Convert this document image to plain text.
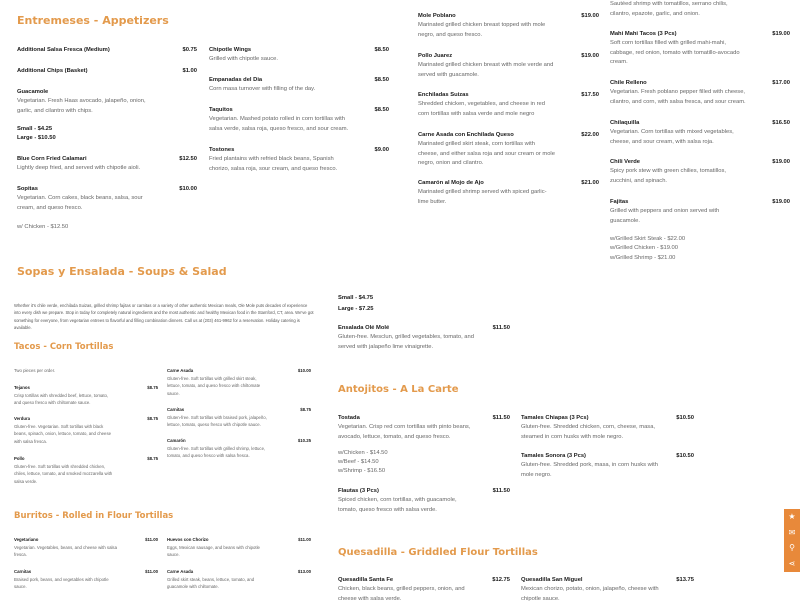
Entremeses - Appetizers
Sopas y Ensalada - Soups & Salad
Tacos - Corn Tortillas
Burritos - Rolled in Flour Tortillas
Antojitos - A La Carte
Quesadilla - Griddled Flour Tortillas
Additional Salsa Fresca (Medium)	$0.75
Additional Chips (Basket)	$1.00
Guacamole
Vegetarian. Fresh Haas avocado, jalapeño, onion,
garlic, and cilantro with chips.
Blue Corn Fried Calamari	$12.50
Lightly deep fried, and served with chipotle aioli.
Sopitas	$10.00
Vegetarian. Corn cakes, black beans, salsa, sour
cream, and queso fresco.
Chipotle Wings	$8.50
Grilled with chipotle sauce.
Empanadas del Dia	$8.50
Corn masa turnover with filling of the day.
Taquitos	$8.50
Vegetarian. Mashed potato rolled in corn tortillas with
salsa verde, salsa roja, queso fresco, and sour cream.
Tostones	$9.00
Fried plantains with refried black beans, Spanish
chorizo, salsa roja, sour cream, and queso fresco.
Mole Poblano	$19.00
Marinated grilled chicken breast topped with mole
negro, and queso fresco.
Pollo Juarez	$19.00
Marinated grilled chicken breast with mole verde and
served with guacamole.
Enchiladas Suizas	$17.50
Shredded chicken, vegetables, and cheese in red
corn tortillas with salsa verde and mole negro
Carne Asada con Enchilada Queso	$22.00
Marinated grilled skirt steak, corn tortillas with
cheese, and either salsa roja and sour cream or mole
negro, onion and cilantro.
Camarón al Mojo de Ajo	$21.00
Marinated grilled shrimp served with spiced garlic-
lime butter.
Sautéed shrimp with tomatillos, serrano chilis,
cilantro, epazote, garlic, and onion.
Mahi Mahi Tacos (3 Pcs)	$19.00
Soft corn tortillas filled with grilled mahi-mahi,
cabbage, red onion, tomato with tomatillo-avocado
cream.
Chile Relleno	$17.00
Vegetarian. Fresh poblano pepper filled with cheese,
cilantro, and corn, with salsa fresca, and sour cream.
Chilaquilla	$16.50
Vegetarian. Corn tortillas with mixed vegetables,
cheese, and sour cream, with salsa roja.
Chili Verde	$19.00
Spicy pork stew with green chilies, tomatillos,
zucchini, and spinach.
Fajitas	$19.00
Grilled with peppers and onion served with
guacamole.
Ensalada Olé Molé	$11.50
Gluten-free. Mesclun, grilled vegetables, tomato, and
served with jalapeño lime vinaigrette.
Tejanos	$8.75
Crisp tortillas with shredded beef, lettuce, tomato,
and queso fresco with chiltomate sauce.
Verdura	$8.75
Gluten-free. Vegetarian. Soft tortillas with black
beans, spinach, onion, lettuce, tomato, and cheese
with salsa fresca.
Pollo	$8.75
Gluten-free. Soft tortillas with shredded chicken,
chiles, lettuce, tomato, and smoked mozzarella with
salsa verde.
Carne Asada	$10.00
Gluten-free. Soft tortillas with grilled skirt steak,
lettuce, tomato, and queso fresco with chiltomate
sauce.
Carnitas	$8.75
Gluten-free. Soft tortillas with braised pork, jalapeño,
lettuce, tomato, queso fresco with chipotle sauce.
Camarón	$10.25
Gluten-free. Soft tortillas with grilled shrimp, lettuce,
tomato, and queso fresco with salsa fresca.
Vegetariano	$11.00
Vegetarian. Vegetables, beans, and cheese with salsa
fresca.
Carnitas	$11.00
Braised pork, beans, and vegetables with chipotle
sauce.
Huevos con Chorizo	$11.00
Eggs, Mexican sausage, and beans with chipotle
sauce.
Carne Asada	$13.00
Grilled skirt steak, beans, lettuce, tomato, and
guacamole with chiltomate.
Tostada	$11.50
Vegetarian. Crisp red corn tortillas with pinto beans,
avocado, lettuce, tomato, and queso fresco.
Flautas (3 Pcs)	$11.50
Spiced chicken, corn tortillas, with guacamole,
tomato, queso fresco with salsa verde.
Tamales Chiapas (3 Pcs)	$10.50
Gluten-free. Shredded chicken, corn, cheese, masa,
steamed in corn husks with mole negro.
Tamales Sonora (3 Pcs)	$10.50
Gluten-free. Shredded pork, masa, in corn husks with
mole negro.
Quesadilla Santa Fe	$12.75
Chicken, black beans, grilled peppers, onion, and
cheese with salsa verde.
Quesadilla San Miguel	$13.75
Mexican chorizo, potato, onion, jalapeño, cheese with
chipotle sauce.
Small - $4.25
Large - $10.50
w/ Chicken - $12.50
Small - $4.75
Large - $7.25
w/Grilled Skirt Steak - $22.00
w/Grilled Chicken - $19.00
w/Grilled Shrimp - $21.00
Two pieces per order.
w/Chicken - $14.50
w/Beef - $14.50
w/Shrimp - $16.50
Whether it's chile verde, enchilada Suizas, grilled shrimp fajitas or carnitas or a variety of other authentic Mexican meals, Ole Mole puts decades of experience into every dish we prepare. Stop in today for completely natural ingredients and the most authentic and healthy Mexican food in the Stamford, CT, area. We've got something for everyone, from vegetarian entrees to flavorful and filling combination dinners. Call us at (203) 461-9962 for a reservation. Holiday catering is available.
★
✉
⚲
⋖
